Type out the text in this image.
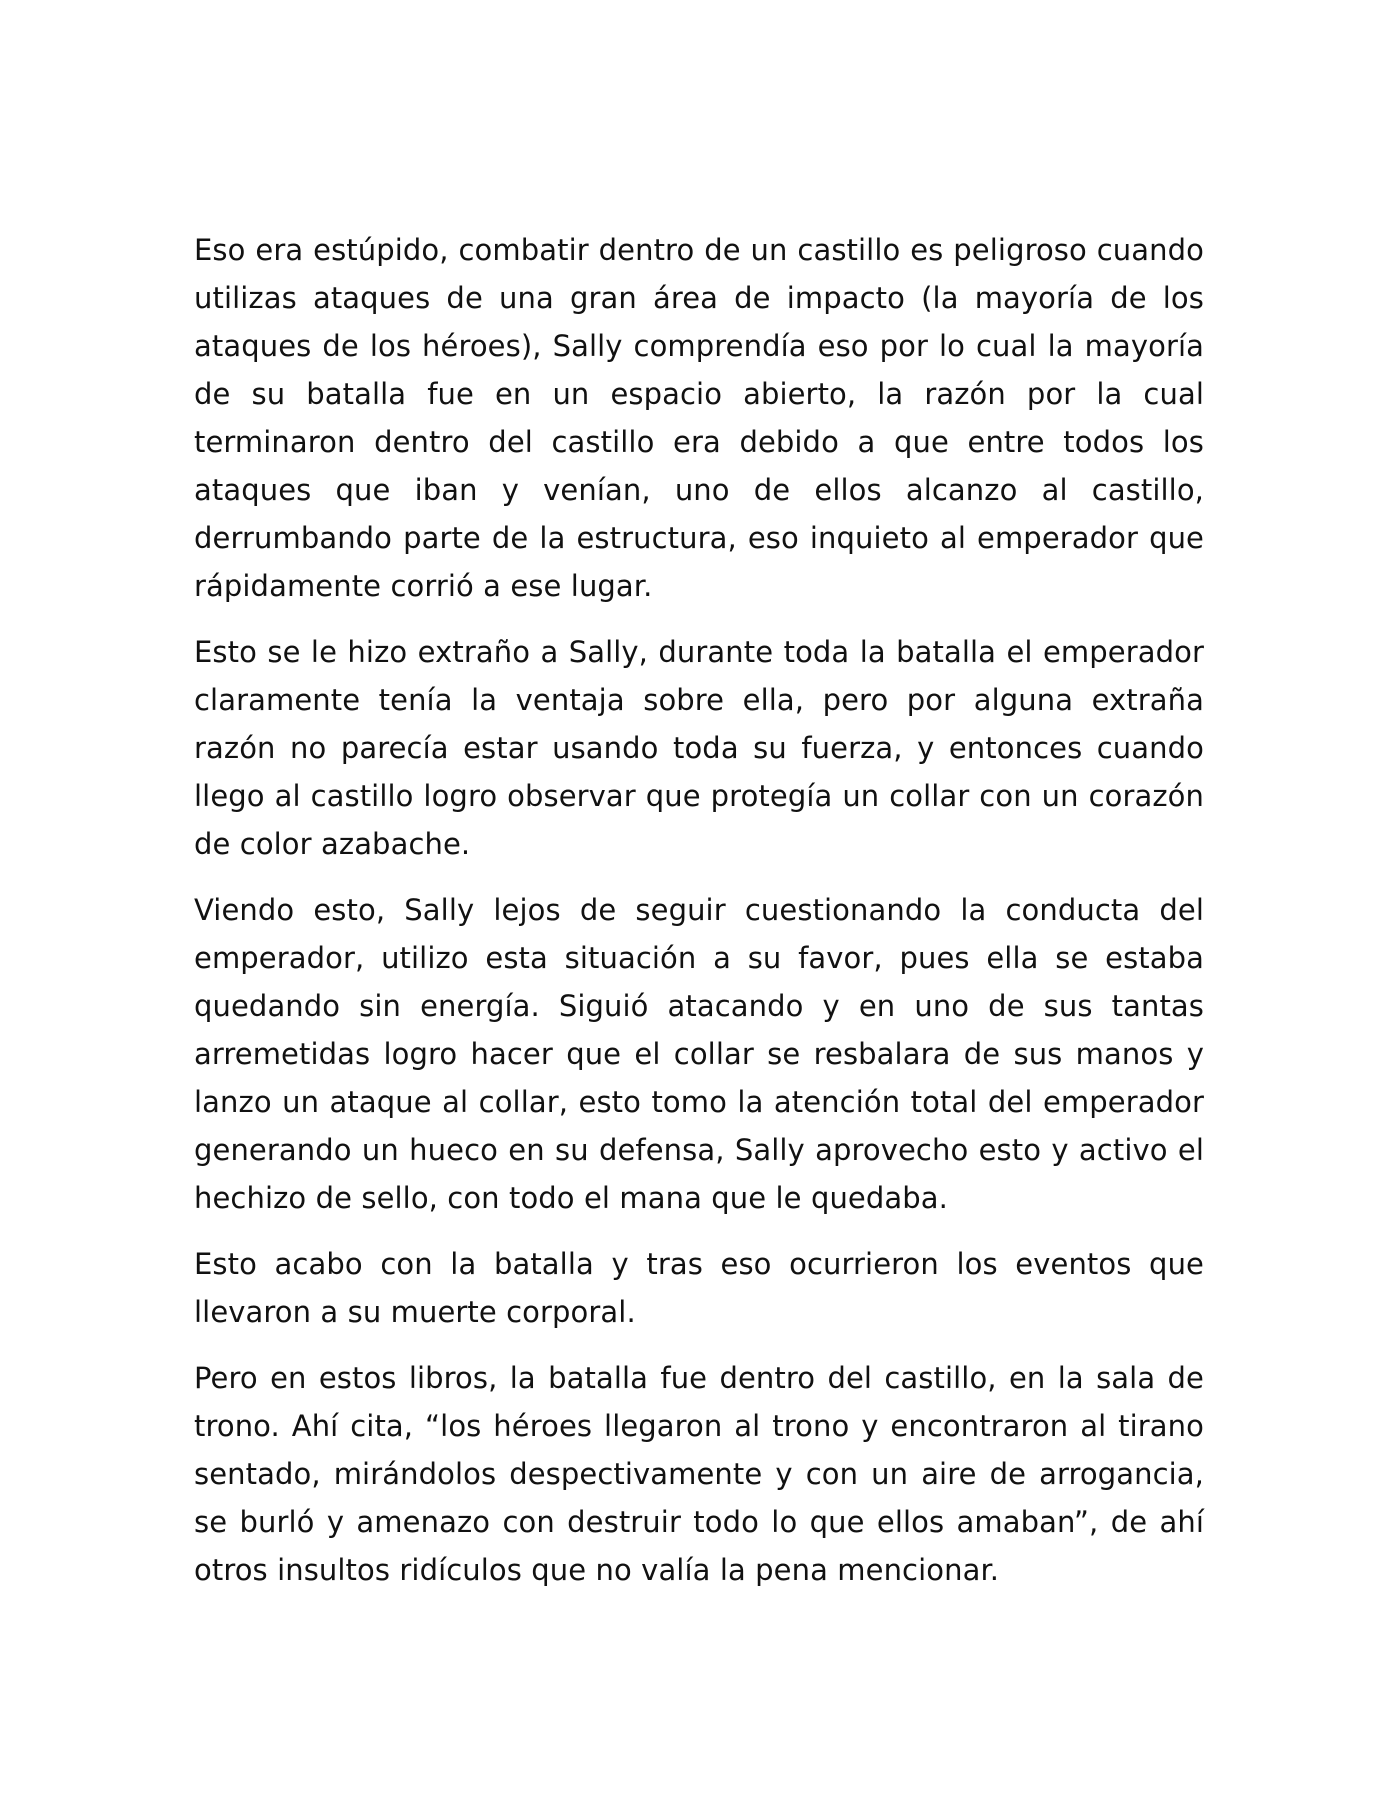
Eso era estúpido, combatir dentro de un castillo es peligroso cuando utilizas ataques de una gran área de impacto (la mayoría de los ataques de los héroes), Sally comprendía eso por lo cual la mayoría de su batalla fue en un espacio abierto, la razón por la cual terminaron dentro del castillo era debido a que entre todos los ataques que iban y venían, uno de ellos alcanzo al castillo, derrumbando parte de la estructura, eso inquieto al emperador que rápidamente corrió a ese lugar.

Esto se le hizo extraño a Sally, durante toda la batalla el emperador claramente tenía la ventaja sobre ella, pero por alguna extraña razón no parecía estar usando toda su fuerza, y entonces cuando llego al castillo logro observar que protegía un collar con un corazón de color azabache.

Viendo esto, Sally lejos de seguir cuestionando la conducta del emperador, utilizo esta situación a su favor, pues ella se estaba quedando sin energía. Siguió atacando y en uno de sus tantas arremetidas logro hacer que el collar se resbalara de sus manos y lanzo un ataque al collar, esto tomo la atención total del emperador generando un hueco en su defensa, Sally aprovecho esto y activo el hechizo de sello, con todo el mana que le quedaba.

Esto acabo con la batalla y tras eso ocurrieron los eventos que llevaron a su muerte corporal.

Pero en estos libros, la batalla fue dentro del castillo, en la sala de trono. Ahí cita, “los héroes llegaron al trono y encontraron al tirano sentado, mirándolos despectivamente y con un aire de arrogancia, se burló y amenazo con destruir todo lo que ellos amaban”, de ahí otros insultos ridículos que no valía la pena mencionar.
